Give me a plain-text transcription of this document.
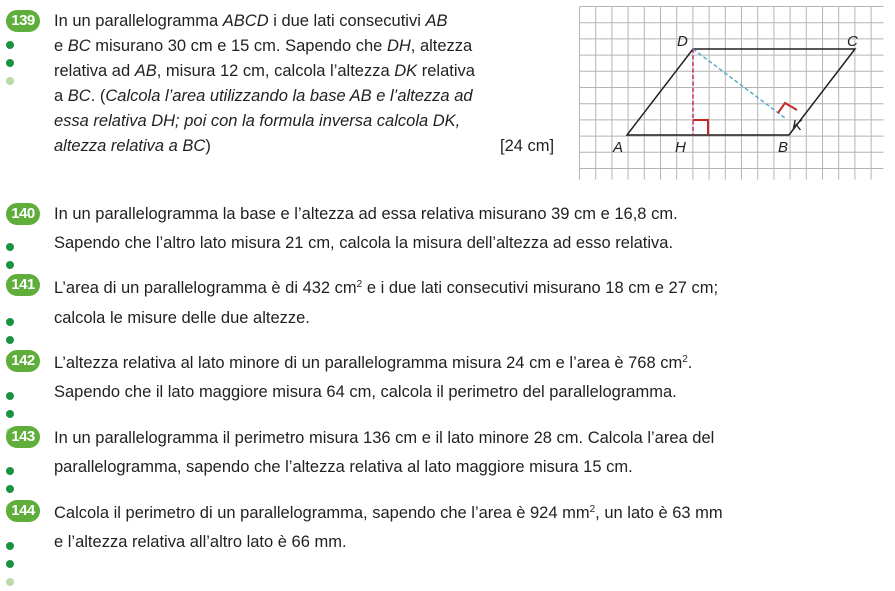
139	In un parallelogramma ABCD i due lati consecutivi AB
e BC misurano 30 cm e 15 cm. Sapendo che DH, altezza
relativa ad AB, misura 12 cm, calcola l’altezza DK relativa
a BC. (Calcola l’area utilizzando la base AB e l’altezza ad
essa relativa DH; poi con la formula inversa calcola DK,
altezza relativa a BC)	[24 cm]
D	C
A	H	B
K
140	In un parallelogramma la base e l’altezza ad essa relativa misurano 39 cm e 16,8 cm.
Sapendo che l’altro lato misura 21 cm, calcola la misura dell’altezza ad esso relativa.
141	L’area di un parallelogramma è di 432 $cm^2$ e i due lati consecutivi misurano 18 cm e 27 cm;
calcola le misure delle due altezze.
142	L’altezza relativa al lato minore di un parallelogramma misura 24 cm e l’area è 768 $cm^2$.
Sapendo che il lato maggiore misura 64 cm, calcola il perimetro del parallelogramma.
143	In un parallelogramma il perimetro misura 136 cm e il lato minore 28 cm. Calcola l’area del
parallelogramma, sapendo che l’altezza relativa al lato maggiore misura 15 cm.
144	Calcola il perimetro di un parallelogramma, sapendo che l’area è 924 $mm^2$, un lato è 63 mm
e l’altezza relativa all’altro lato è 66 mm.
